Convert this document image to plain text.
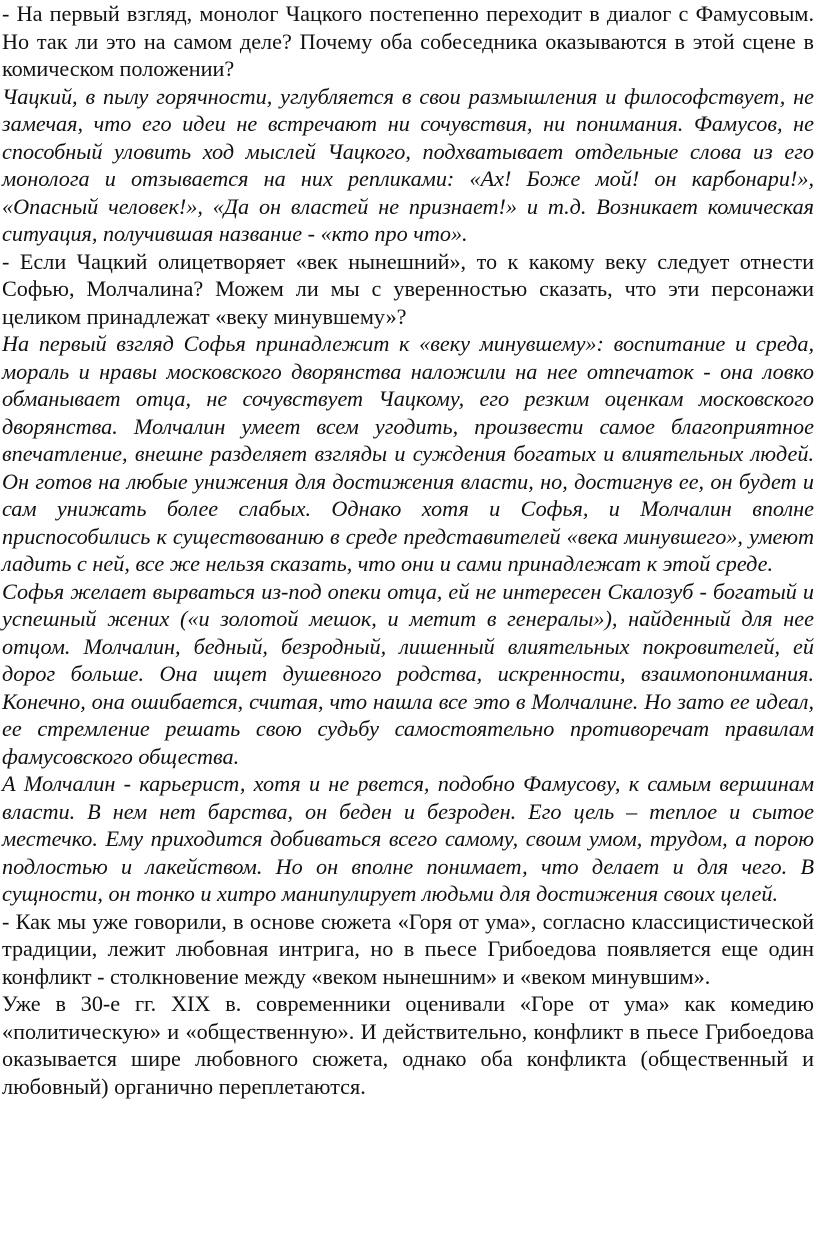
- На первый взгляд, монолог Чацкого постепенно переходит в диалог с Фамусовым. Но так ли это на самом деле? Почему оба собеседника оказываются в этой сцене в комическом положении?

Чацкий, в пылу горячности, углубляется в свои размышления и философствует, не замечая, что его идеи не встречают ни сочувствия, ни понимания. Фамусов, не способный уловить ход мыслей Чацкого, подхватывает отдельные слова из его монолога и отзывается на них репликами: «Ах! Боже мой! он карбонари!», «Опасный человек!», «Да он властей не признает!» и т.д. Возникает комическая ситуация, получившая название - «кто про что».

- Если Чацкий олицетворяет «век нынешний», то к какому веку следует отнести Софью, Молчалина? Можем ли мы с уверенностью сказать, что эти персонажи целиком принадлежат «веку минувшему»?

На первый взгляд Софья принадлежит к «веку минувшему»: воспитание и среда, мораль и нравы московского дворянства наложили на нее отпечаток - она ловко обманывает отца, не сочувствует Чацкому, его резким оценкам московского дворянства. Молчалин умеет всем угодить, произвести самое благоприятное впечатление, внешне разделяет взгляды и суждения богатых и влиятельных людей. Он готов на любые унижения для достижения власти, но, достигнув ее, он будет и сам унижать более слабых. Однако хотя и Софья, и Молчалин вполне приспособились к существованию в среде представителей «века минувшего», умеют ладить с ней, все же нельзя сказать, что они и сами принадлежат к этой среде.

Софья желает вырваться из-под опеки отца, ей не интересен Скалозуб - богатый и успешный жених («и золотой мешок, и метит в генералы»), найденный для нее отцом. Молчалин, бедный, безродный, лишенный влиятельных покровителей, ей дорог больше. Она ищет душевного родства, искренности, взаимопонимания. Конечно, она ошибается, считая, что нашла все это в Молчалине. Но зато ее идеал, ее стремление решать свою судьбу самостоятельно противоречат правилам фамусовского общества.

А Молчалин - карьерист, хотя и не рвется, подобно Фамусову, к самым вершинам власти. В нем нет барства, он беден и безроден. Его цель – теплое и сытое местечко. Ему приходится добиваться всего самому, своим умом, трудом, а порою подлостью и лакейством. Но он вполне понимает, что делает и для чего. В сущности, он тонко и хитро манипулирует людьми для достижения своих целей.

- Как мы уже говорили, в основе сюжета «Горя от ума», согласно классицистической традиции, лежит любовная интрига, но в пьесе Грибоедова появляется еще один конфликт - столкновение между «веком нынешним» и «веком минувшим».

Уже в 30-е гг. XIX в. современники оценивали «Горе от ума» как комедию «политическую» и «общественную». И действительно, конфликт в пьесе Грибоедова оказывается шире любовного сюжета, однако оба конфликта (общественный и любовный) органично переплетаются.
